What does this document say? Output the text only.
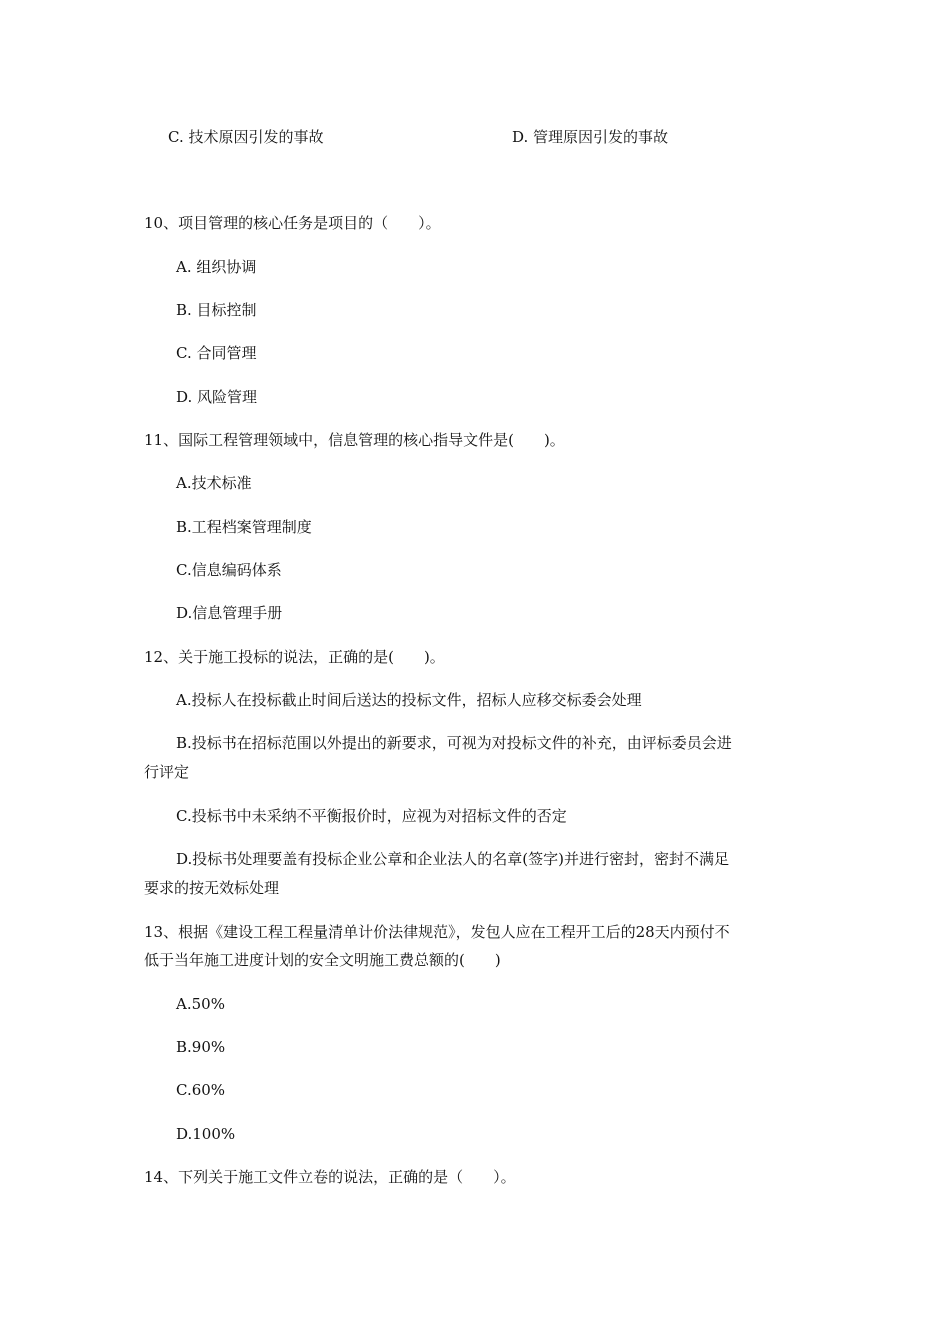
C. 技术原因引发的事故	D. 管理原因引发的事故
10、项目管理的核心任务是项目的（　　）。
A. 组织协调
B. 目标控制
C. 合同管理
D. 风险管理
11、国际工程管理领域中，信息管理的核心指导文件是(　　)。
A.技术标准
B.工程档案管理制度
C.信息编码体系
D.信息管理手册
12、关于施工投标的说法，正确的是(　　)。
A.投标人在投标截止时间后送达的投标文件，招标人应移交标委会处理
B.投标书在招标范围以外提出的新要求，可视为对投标文件的补充，由评标委员会进
行评定
C.投标书中未采纳不平衡报价时，应视为对招标文件的否定
D.投标书处理要盖有投标企业公章和企业法人的名章(签字)并进行密封，密封不满足
要求的按无效标处理
13、根据《建设工程工程量清单计价法律规范》，发包人应在工程开工后的28天内预付不
低于当年施工进度计划的安全文明施工费总额的(　　)
A.50%
B.90%
C.60%
D.100%
14、下列关于施工文件立卷的说法，正确的是（　　）。
